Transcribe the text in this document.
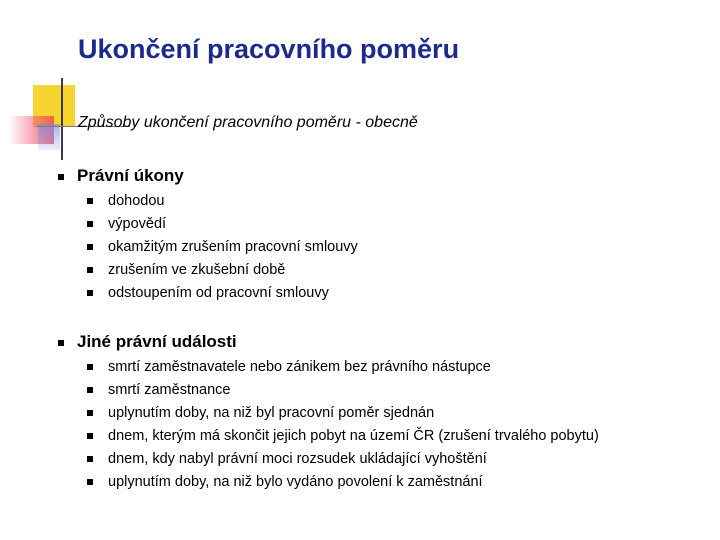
Ukončení pracovního poměru
Způsoby ukončení pracovního poměru - obecně
Právní úkony
dohodou
výpovědí
okamžitým zrušením pracovní smlouvy
zrušením ve zkušební době
odstoupením od pracovní smlouvy
Jiné právní události
smrtí zaměstnavatele nebo zánikem bez právního nástupce
smrtí zaměstnance
uplynutím doby, na niž byl pracovní poměr sjednán
dnem, kterým má skončit jejich pobyt na území ČR (zrušení trvalého pobytu)
dnem, kdy nabyl právní moci rozsudek ukládající vyhoštění
uplynutím doby, na niž bylo vydáno povolení k zaměstnání
